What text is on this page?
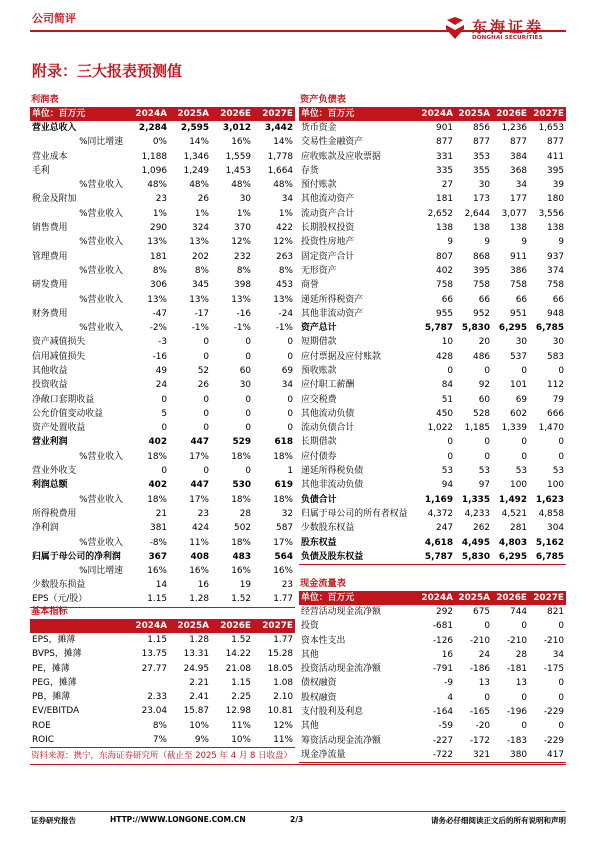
公司简评	东海证券
DONGHAI SECURITIES
附录：三大报表预测值
利润表
单位：百万元	2024A	2025A	2026E	2027E
营业总收入	2,284	2,595	3,012	3,442
%同比增速	0%	14%	16%	14%
营业成本	1,188	1,346	1,559	1,778
毛利	1,096	1,249	1,453	1,664
%营业收入	48%	48%	48%	48%
税金及附加	23	26	30	34
%营业收入	1%	1%	1%	1%
销售费用	290	324	370	422
%营业收入	13%	13%	12%	12%
管理费用	181	202	232	263
%营业收入	8%	8%	8%	8%
研发费用	306	345	398	453
%营业收入	13%	13%	13%	13%
财务费用	-47	-17	-16	-24
%营业收入	-2%	-1%	-1%	-1%
资产减值损失	-3	0	0	0
信用减值损失	-16	0	0	0
其他收益	49	52	60	69
投资收益	24	26	30	34
净敞口套期收益	0	0	0	0
公允价值变动收益	5	0	0	0
资产处置收益	0	0	0	0
营业利润	402	447	529	618
%营业收入	18%	17%	18%	18%
营业外收支	0	0	0	1
利润总额	402	447	530	619
%营业收入	18%	17%	18%	18%
所得税费用	21	23	28	32
净利润	381	424	502	587
%营业收入	-8%	11%	18%	17%
归属于母公司的净利润	367	408	483	564
%同比增速	16%	16%	16%	16%
少数股东损益	14	16	19	23
EPS（元/股）	1.15	1.28	1.52	1.77
基本指标
	2024A	2025A	2026E	2027E
EPS，摊薄	1.15	1.28	1.52	1.77
BVPS，摊薄	13.75	13.31	14.22	15.28
PE，摊薄	27.77	24.95	21.08	18.05
PEG，摊薄		2.21	1.15	1.08
PB，摊薄	2.33	2.41	2.25	2.10
EV/EBITDA	23.04	15.87	12.98	10.81
ROE	8%	10%	11%	12%
ROIC	7%	9%	10%	11%
资产负债表
单位：百万元	2024A	2025A	2026E	2027E
货币资金	901	856	1,236	1,653
交易性金融资产	877	877	877	877
应收账款及应收票据	331	353	384	411
存货	335	355	368	395
预付账款	27	30	34	39
其他流动资产	181	173	177	180
流动资产合计	2,652	2,644	3,077	3,556
长期股权投资	138	138	138	138
投资性房地产	9	9	9	9
固定资产合计	807	868	911	937
无形资产	402	395	386	374
商誉	758	758	758	758
递延所得税资产	66	66	66	66
其他非流动资产	955	952	951	948
资产总计	5,787	5,830	6,295	6,785
短期借款	10	20	30	30
应付票据及应付账款	428	486	537	583
预收账款	0	0	0	0
应付职工薪酬	84	92	101	112
应交税费	51	60	69	79
其他流动负债	450	528	602	666
流动负债合计	1,022	1,185	1,339	1,470
长期借款	0	0	0	0
应付债券	0	0	0	0
递延所得税负债	53	53	53	53
其他非流动负债	94	97	100	100
负债合计	1,169	1,335	1,492	1,623
归属于母公司的所有者权益	4,372	4,233	4,521	4,858
少数股东权益	247	262	281	304
股东权益	4,618	4,495	4,803	5,162
负债及股东权益	5,787	5,830	6,295	6,785
现金流量表
单位：百万元	2024A	2025A	2026E	2027E
经营活动现金流净额	292	675	744	821
投资	-681	0	0	0
资本性支出	-126	-210	-210	-210
其他	16	24	28	34
投资活动现金流净额	-791	-186	-181	-175
债权融资	-9	13	13	0
股权融资	4	0	0	0
支付股利及利息	-164	-165	-196	-229
其他	-59	-20	0	0
筹资活动现金流净额	-227	-172	-183	-229
现金净流量	-722	321	380	417
资料来源：携宁，东海证券研究所（截止至 2025 年 4 月 8 日收盘）
证券研究报告	HTTP://WWW.LONGONE.COM.CN	2/3	请务必仔细阅读正文后的所有说明和声明
